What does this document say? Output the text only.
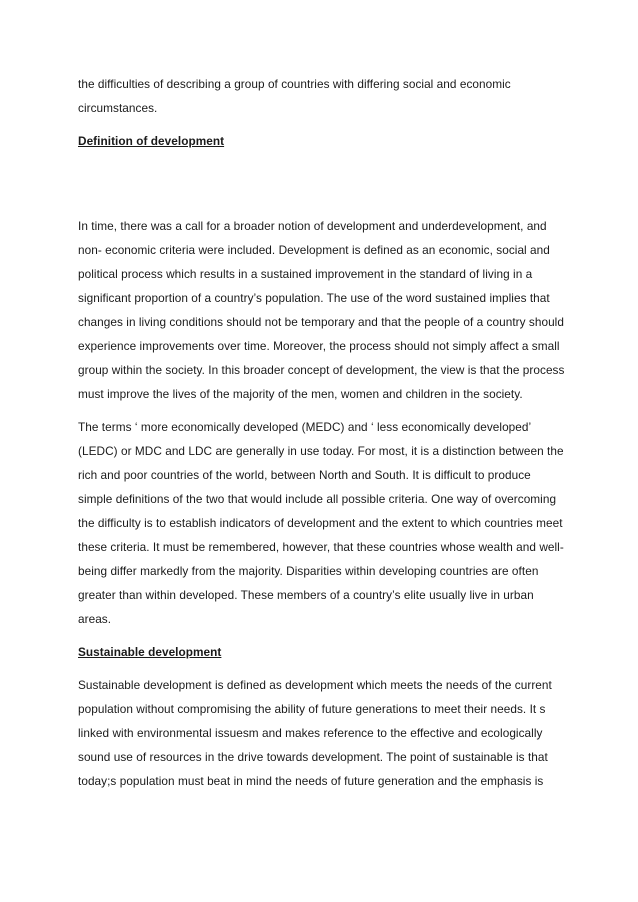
the difficulties of describing a group of countries with differing social and economic circumstances.

Definition of development

In time, there was a call for a broader notion of development and underdevelopment, and non- economic criteria were included. Development is defined as an economic, social and political process which results in a sustained improvement in the standard of living in a significant proportion of a country’s population. The use of the word sustained implies that changes in living conditions should not be temporary and that the people of a country should experience improvements over time. Moreover, the process should not simply affect a small group within the society. In this broader concept of development, the view is that the process must improve the lives of the majority of the men, women and children in the society.

The terms ‘ more economically developed (MEDC) and ‘ less economically developed’ (LEDC) or MDC and LDC are generally in use today. For most, it is a distinction between the rich and poor countries of the world, between North and South. It is difficult to produce simple definitions of the two that would include all possible criteria. One way of overcoming the difficulty is to establish indicators of development and the extent to which countries meet these criteria. It must be remembered, however, that these countries whose wealth and well-being differ markedly from the majority. Disparities within developing countries are often greater than within developed. These members of a country’s elite usually live in urban areas.

Sustainable development

Sustainable development is defined as development which meets the needs of the current population without compromising the ability of future generations to meet their needs. It s linked with environmental issuesm and makes reference to the effective and ecologically sound use of resources in the drive towards development. The point of sustainable is that today;s population must beat in mind the needs of future generation and the emphasis is
